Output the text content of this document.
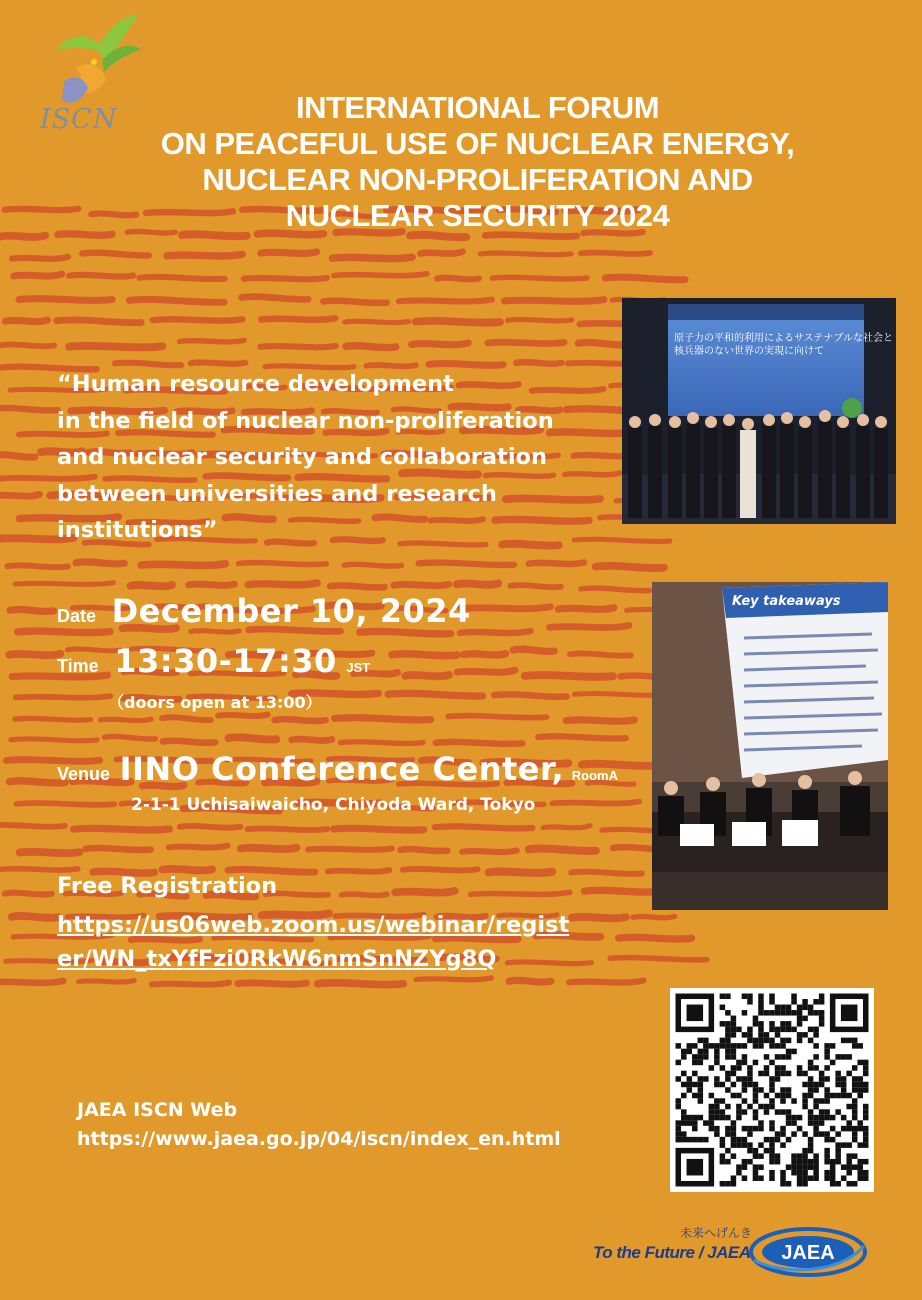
ISCN	INTERNATIONAL FORUM
ON PEACEFUL USE OF NUCLEAR ENERGY,
NUCLEAR NON-PROLIFERATION AND
NUCLEAR SECURITY 2024
“Human resource development
in the field of nuclear non-proliferation
and nuclear security and collaboration
between universities and research
institutions”
原子力の平和的利用によるサステナブルな社会と
核兵器のない世界の実現に向けて
Key takeaways
Date December 10, 2024
Time 13:30-17:30 JST
（doors open at 13:00）
Venue IINO Conference Center, RoomA
2-1-1 Uchisaiwaicho, Chiyoda Ward, Tokyo
Free Registration
https://us06web.zoom.us/webinar/regist
er/WN_txYfFzi0RkW6nmSnNZYg8Q
JAEA ISCN Web
https://www.jaea.go.jp/04/iscn/index_en.html
未来へげんき
To the Future / JAEA JAEA
